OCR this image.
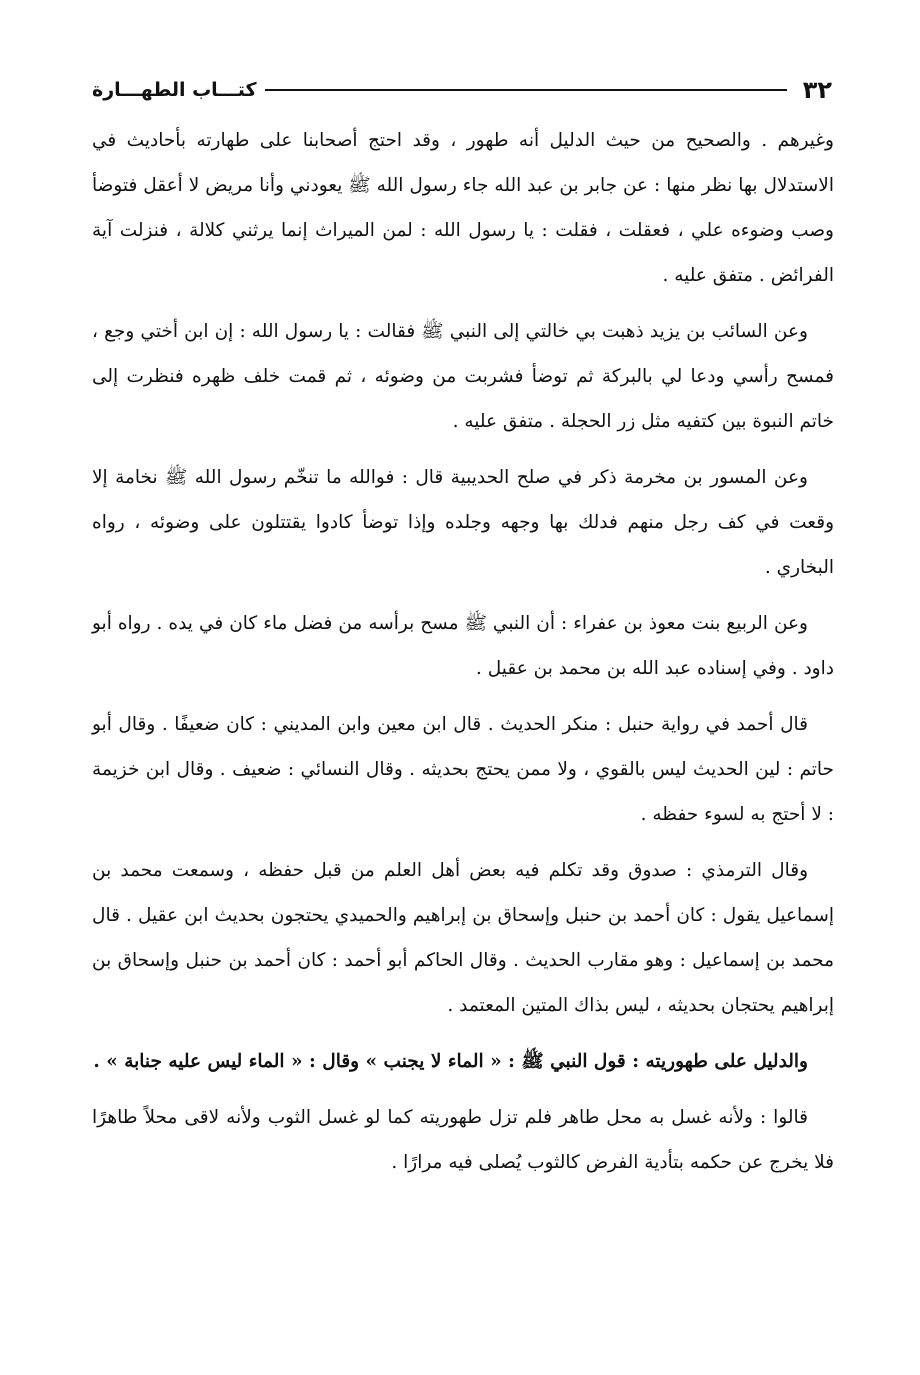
٣٢
كتـــاب الطهـــارة

وغيرهم . والصحيح من حيث الدليل أنه طهور ، وقد احتج أصحابنا على طهارته بأحاديث في الاستدلال بها نظر منها : عن جابر بن عبد الله جاء رسول الله ﷺ يعودني وأنا مريض لا أعقل فتوضأ وصب وضوءه علي ، فعقلت ، فقلت : يا رسول الله : لمن الميراث إنما يرثني كلالة ، فنزلت آية الفرائض . متفق عليه .

وعن السائب بن يزيد ذهبت بي خالتي إلى النبي ﷺ فقالت : يا رسول الله : إن ابن أختي وجع ، فمسح رأسي ودعا لي بالبركة ثم توضأ فشربت من وضوئه ، ثم قمت خلف ظهره فنظرت إلى خاتم النبوة بين كتفيه مثل زر الحجلة . متفق عليه .

وعن المسور بن مخرمة ذكر في صلح الحديبية قال : فوالله ما تنخّم رسول الله ﷺ نخامة إلا وقعت في كف رجل منهم فدلك بها وجهه وجلده وإذا توضأ كادوا يقتتلون على وضوئه ، رواه البخاري .

وعن الربيع بنت معوذ بن عفراء : أن النبي ﷺ مسح برأسه من فضل ماء كان في يده . رواه أبو داود . وفي إسناده عبد الله بن محمد بن عقيل .

قال أحمد في رواية حنبل : منكر الحديث . قال ابن معين وابن المديني : كان ضعيفًا . وقال أبو حاتم : لين الحديث ليس بالقوي ، ولا ممن يحتج بحديثه . وقال النسائي : ضعيف . وقال ابن خزيمة : لا أحتج به لسوء حفظه .

وقال الترمذي : صدوق وقد تكلم فيه بعض أهل العلم من قبل حفظه ، وسمعت محمد بن إسماعيل يقول : كان أحمد بن حنبل وإسحاق بن إبراهيم والحميدي يحتجون بحديث ابن عقيل . قال محمد بن إسماعيل : وهو مقارب الحديث . وقال الحاكم أبو أحمد : كان أحمد بن حنبل وإسحاق بن إبراهيم يحتجان بحديثه ، ليس بذاك المتين المعتمد .

والدليل على طهوريته : قول النبي ﷺ : « الماء لا يجنب » وقال : « الماء ليس عليه جنابة » .

قالوا : ولأنه غسل به محل طاهر فلم تزل طهوريته كما لو غسل الثوب ولأنه لاقى محلاً طاهرًا فلا يخرج عن حكمه بتأدية الفرض كالثوب يُصلى فيه مرارًا .
